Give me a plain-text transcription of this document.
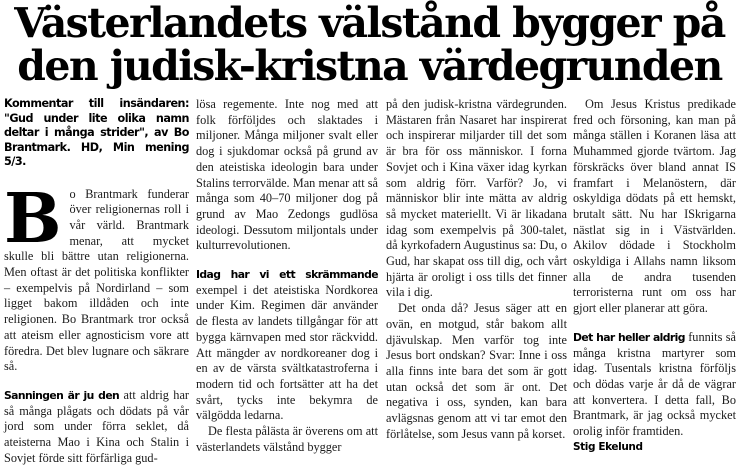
Västerlandets välstånd bygger på
den judisk-kristna värdegrunden

Kommentar till insändaren: "Gud under lite olika namn deltar i många strider", av Bo Brantmark. HD, Min mening 5/3.

Bo Brantmark funderar över religionernas roll i vår värld. Brantmark menar, att mycket skulle bli bättre utan religionerna. Men oftast är det politiska konflikter – exempelvis på Nordirland – som ligget bakom illdåden och inte religionen. Bo Brantmark tror också att ateism eller agnosticism vore att föredra. Det blev lugnare och säkrare så.

Sanningen är ju den att aldrig har så många plågats och dödats på vår jord som under förra seklet, då ateisterna Mao i Kina och Stalin i Sovjet förde sitt förfärliga gud-

lösa regemente. Inte nog med att folk förföljdes och slaktades i miljoner. Många miljoner svalt eller dog i sjukdomar också på grund av den ateistiska ideologin bara under Stalins terrorvälde. Man menar att så många som 40–70 miljoner dog på grund av Mao Zedongs gudlösa ideologi. Dessutom miljontals under kulturrevolutionen.

Idag har vi ett skrämmande exempel i det ateistiska Nordkorea under Kim. Regimen där använder de flesta av landets tillgångar för att bygga kärnvapen med stor räckvidd. Att mängder av nordkoreaner dog i en av de värsta svältkatastroferna i modern tid och fortsätter att ha det svårt, tycks inte bekymra de välgödda ledarna.

De flesta pålästa är överens om att västerlandets välstånd bygger

på den judisk-kristna värdegrunden. Mästaren från Nasaret har inspirerat och inspirerar miljarder till det som är bra för oss människor. I forna Sovjet och i Kina växer idag kyrkan som aldrig förr. Varför? Jo, vi människor blir inte mätta av aldrig så mycket materiellt. Vi är likadana idag som exempelvis på 300-talet, då kyrkofadern Augustinus sa: Du, o Gud, har skapat oss till dig, och vårt hjärta är oroligt i oss tills det finner vila i dig.

Det onda då? Jesus säger att en ovän, en motgud, står bakom allt djävulskap. Men varför tog inte Jesus bort ondskan? Svar: Inne i oss alla finns inte bara det som är gott utan också det som är ont. Det negativa i oss, synden, kan bara avlägsnas genom att vi tar emot den förlåtelse, som Jesus vann på korset.

Om Jesus Kristus predikade fred och försoning, kan man på många ställen i Koranen läsa att Muhammed gjorde tvärtom. Jag förskräcks över bland annat IS framfart i Melanöstern, där oskyldiga dödats på ett hemskt, brutalt sätt. Nu har ISkrigarna nästlat sig in i Västvärlden. Akilov dödade i Stockholm oskyldiga i Allahs namn liksom alla de andra tusenden terroristerna runt om oss har gjort eller planerar att göra.

Det har heller aldrig funnits så många kristna martyrer som idag. Tusentals kristna förföljs och dödas varje år då de vägrar att konvertera. I detta fall, Bo Brantmark, är jag också mycket orolig inför framtiden.

Stig Ekelund
